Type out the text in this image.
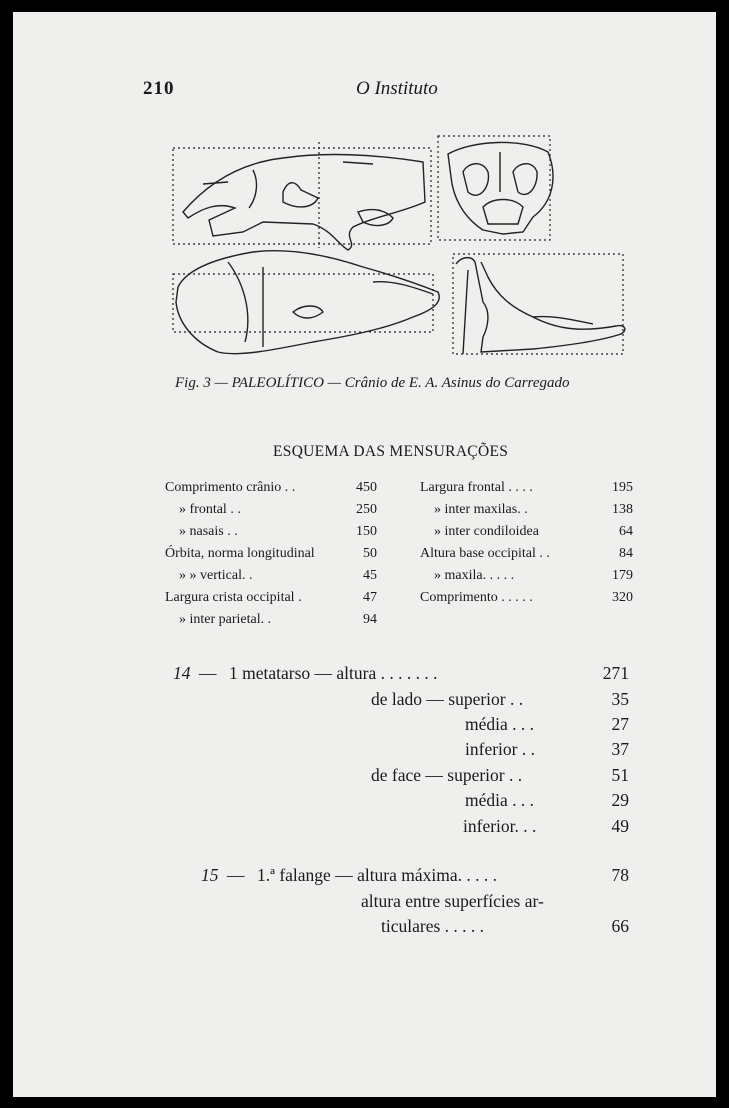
210	O Instituto
Fig. 3 — PALEOLÍTICO — Crânio de E. A. Asinus do Carregado
ESQUEMA DAS MENSURAÇÕES
Comprimento crânio . .	450
» frontal . .	250
» nasais . .	150
Órbita, norma longitudinal	50
» » vertical. .	45
Largura crista occipital .	47
» inter parietal. .	94
Largura frontal . . . .	195
» inter maxilas. .	138
» inter condiloidea	64
Altura base occipital . .	84
» maxila. . . . .	179
Comprimento . . . . .	320
14 — 1 metatarso — altura . . . . . . .	271
de lado — superior . .	35
média . . .	27
inferior . .	37
de face — superior . .	51
média . . .	29
inferior. . .	49
15 — 1.ª falange — altura máxima. . . . .	78
altura entre superfícies ar-
ticulares . . . . .	66
